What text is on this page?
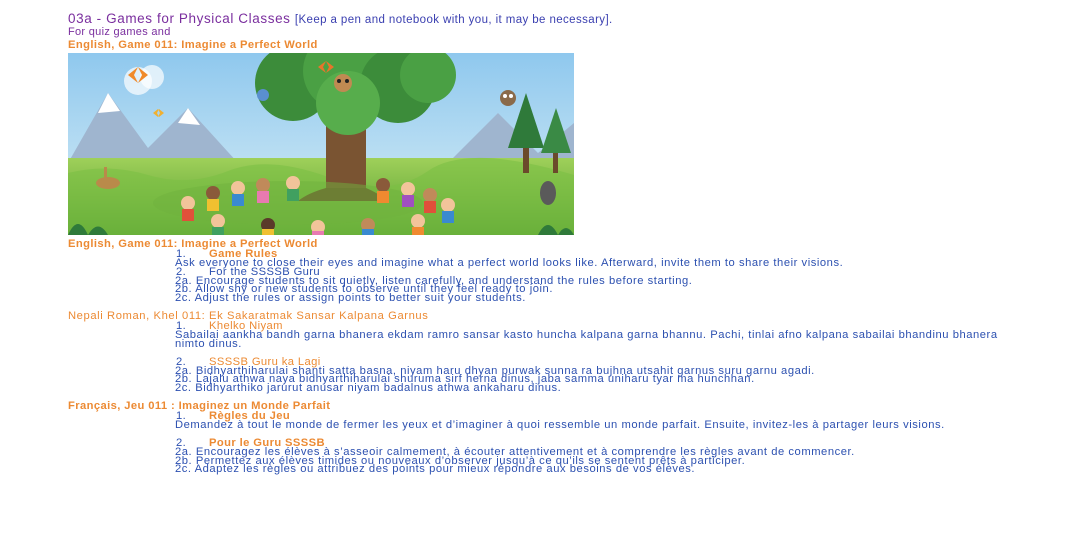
03a - Games for Physical Classes [Keep a pen and notebook with you, it may be necessary].
For quiz games and
English, Game 011: Imagine a Perfect World
English, Game 011: Imagine a Perfect World
1. Game Rules
Ask everyone to close their eyes and imagine what a perfect world looks like. Afterward, invite them to share their visions.
2. For the SSSSB Guru
2a. Encourage students to sit quietly, listen carefully, and understand the rules before starting.
2b. Allow shy or new students to observe until they feel ready to join.
2c. Adjust the rules or assign points to better suit your students.
Nepali Roman, Khel 011: Ek Sakaratmak Sansar Kalpana Garnus
1. Khelko Niyam
Sabailai aankha bandh garna bhanera ekdam ramro sansar kasto huncha kalpana garna bhannu. Pachi, tinlai afno kalpana sabailai bhandinu bhanera nimto dinus.
2. SSSSB Guru ka Lagi
2a. Bidhyarthiharulai shanti satta basna, niyam haru dhyan purwak sunna ra bujhna utsahit garnus suru garnu agadi.
2b. Lajalu athwa naya bidhyarthiharulai shuruma sirf herna dinus, jaba samma uniharu tyar ma hunchhan.
2c. Bidhyarthiko jarurut anusar niyam badalnus athwa ankaharu dinus.
Français, Jeu 011 : Imaginez un Monde Parfait
1. Règles du Jeu
Demandez à tout le monde de fermer les yeux et d’imaginer à quoi ressemble un monde parfait. Ensuite, invitez-les à partager leurs visions.
2. Pour le Guru SSSSB
2a. Encouragez les élèves à s’asseoir calmement, à écouter attentivement et à comprendre les règles avant de commencer.
2b. Permettez aux élèves timides ou nouveaux d’observer jusqu’à ce qu’ils se sentent prêts à participer.
2c. Adaptez les règles ou attribuez des points pour mieux répondre aux besoins de vos élèves.
